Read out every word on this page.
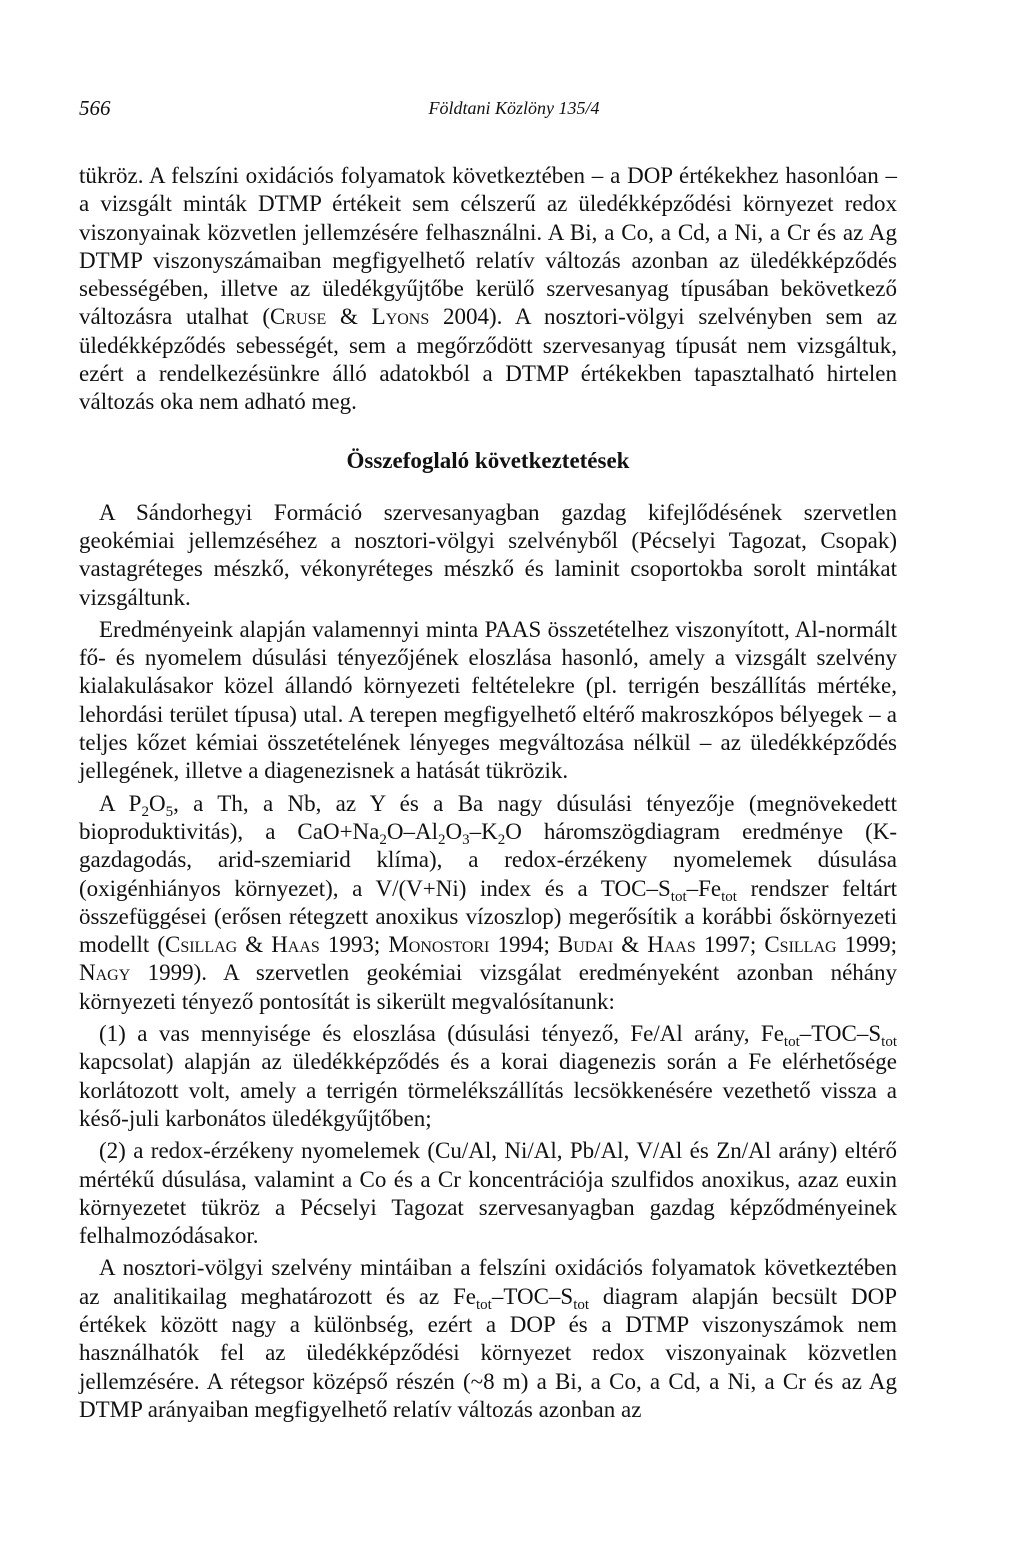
566	Földtani Közlöny 135/4

tükröz. A felszíni oxidációs folyamatok következtében – a DOP értékekhez hasonlóan – a vizsgált minták DTMP értékeit sem célszerű az üledékképződési környezet redox viszonyainak közvetlen jellemzésére felhasználni. A Bi, a Co, a Cd, a Ni, a Cr és az Ag DTMP viszonyszámaiban megfigyelhető relatív változás azonban az üledékképződés sebességében, illetve az üledékgyűjtőbe kerülő szervesanyag típusában bekövetkező változásra utalhat (Cruse & Lyons 2004). A nosztori-völgyi szelvényben sem az üledékképződés sebességét, sem a megőrződött szervesanyag típusát nem vizsgáltuk, ezért a rendelkezésünkre álló adatokból a DTMP értékekben tapasztalható hirtelen változás oka nem adható meg.

Összefoglaló következtetések

A Sándorhegyi Formáció szervesanyagban gazdag kifejlődésének szervetlen geokémiai jellemzéséhez a nosztori-völgyi szelvényből (Pécselyi Tagozat, Csopak) vastagréteges mészkő, vékonyréteges mészkő és laminit csoportokba sorolt mintákat vizsgáltunk.

Eredményeink alapján valamennyi minta PAAS összetételhez viszonyított, Al-normált fő- és nyomelem dúsulási tényezőjének eloszlása hasonló, amely a vizsgált szelvény kialakulásakor közel állandó környezeti feltételekre (pl. terrigén beszállítás mértéke, lehordási terület típusa) utal. A terepen megfigyelhető eltérő makroszkópos bélyegek – a teljes kőzet kémiai összetételének lényeges megváltozása nélkül – az üledékképződés jellegének, illetve a diagenezisnek a hatását tükrözik.

A $P_2O_5$, a Th, a Nb, az Y és a Ba nagy dúsulási tényezője (megnövekedett bioproduktivitás), a $CaO+Na_2O-Al_2O_3-K_2O$ háromszögdiagram eredménye (K-gazdagodás, arid-szemiarid klíma), a redox-érzékeny nyomelemek dúsulása (oxigénhiányos környezet), a V/(V+Ni) index és a TOC–$S_{tot}-Fe_{tot}$ rendszer feltárt összefüggései (erősen rétegzett anoxikus vízoszlop) megerősítik a korábbi őskörnyezeti modellt (Csillag & Haas 1993; Monostori 1994; Budai & Haas 1997; Csillag 1999; Nagy 1999). A szervetlen geokémiai vizsgálat eredményeként azonban néhány környezeti tényező pontosítát is sikerült megvalósítanunk:

(1) a vas mennyisége és eloszlása (dúsulási tényező, Fe/Al arány, $Fe_{tot}-TOC-S_{tot}$ kapcsolat) alapján az üledékképződés és a korai diagenezis során a Fe elérhetősége korlátozott volt, amely a terrigén törmelékszállítás lecsökkenésére vezethető vissza a késő-juli karbonátos üledékgyűjtőben;

(2) a redox-érzékeny nyomelemek (Cu/Al, Ni/Al, Pb/Al, V/Al és Zn/Al arány) eltérő mértékű dúsulása, valamint a Co és a Cr koncentrációja szulfidos anoxikus, azaz euxin környezetet tükröz a Pécselyi Tagozat szervesanyagban gazdag képződményeinek felhalmozódásakor.

A nosztori-völgyi szelvény mintáiban a felszíni oxidációs folyamatok következtében az analitikailag meghatározott és az $Fe_{tot}-TOC-S_{tot}$ diagram alapján becsült DOP értékek között nagy a különbség, ezért a DOP és a DTMP viszonyszámok nem használhatók fel az üledékképződési környezet redox viszonyainak közvetlen jellemzésére. A rétegsor középső részén (~8 m) a Bi, a Co, a Cd, a Ni, a Cr és az Ag DTMP arányaiban megfigyelhető relatív változás azonban az
